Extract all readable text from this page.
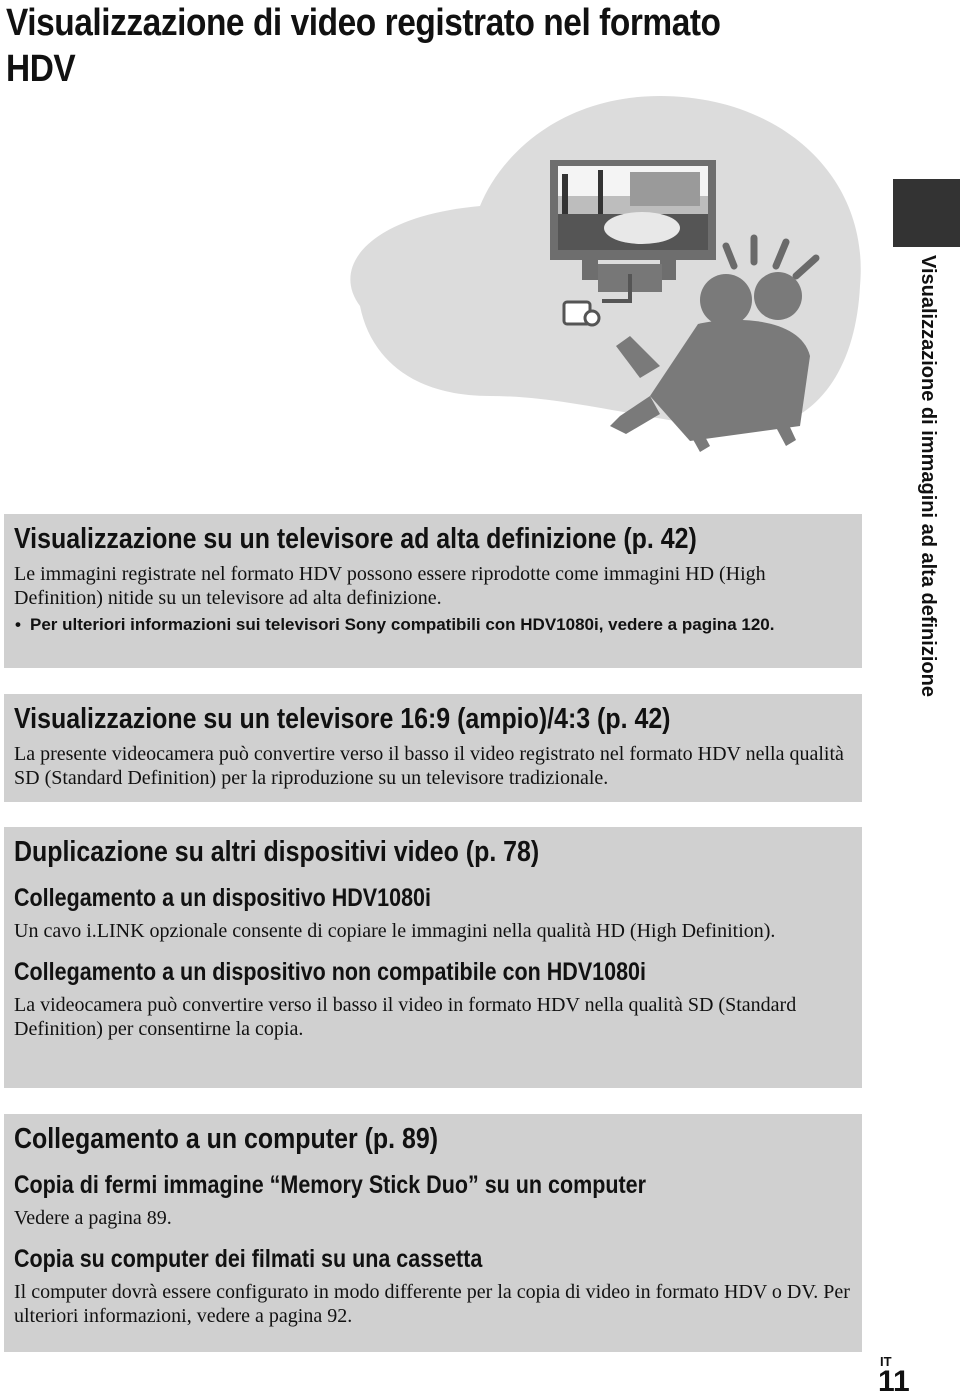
Visualizzazione di video registrato nel formato HDV
Visualizzazione di immagini ad alta definizione

Visualizzazione su un televisore ad alta definizione (p. 42)

Le immagini registrate nel formato HDV possono essere riprodotte come immagini HD (High Definition) nitide su un televisore ad alta definizione.

• Per ulteriori informazioni sui televisori Sony compatibili con HDV1080i, vedere a pagina 120.

Visualizzazione su un televisore 16:9 (ampio)/4:3 (p. 42)

La presente videocamera può convertire verso il basso il video registrato nel formato HDV nella qualità SD (Standard Definition) per la riproduzione su un televisore tradizionale.

Duplicazione su altri dispositivi video (p. 78)

Collegamento a un dispositivo HDV1080i

Un cavo i.LINK opzionale consente di copiare le immagini nella qualità HD (High Definition).

Collegamento a un dispositivo non compatibile con HDV1080i

La videocamera può convertire verso il basso il video in formato HDV nella qualità SD (Standard Definition) per consentirne la copia.

Collegamento a un computer (p. 89)

Copia di fermi immagine “Memory Stick Duo” su un computer

Vedere a pagina 89.

Copia su computer dei filmati su una cassetta

Il computer dovrà essere configurato in modo differente per la copia di video in formato HDV o DV. Per ulteriori informazioni, vedere a pagina 92.

IT
11
